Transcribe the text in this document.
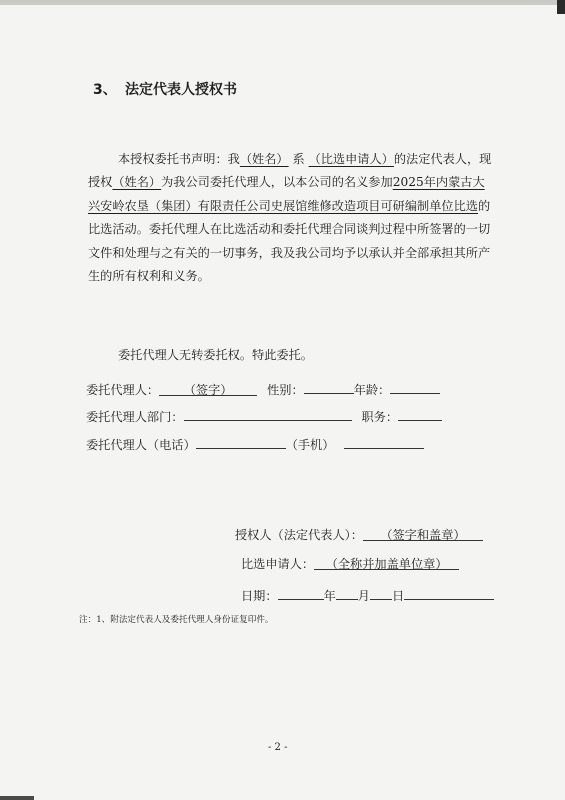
3、 法定代表人授权书
本授权委托书声明：我（姓名） 系 （比选申请人）的法定代表人，现授权（姓名）为我公司委托代理人，以本公司的名义参加2025年内蒙古大兴安岭农垦（集团）有限责任公司史展馆维修改造项目可研编制单位比选的比选活动。委托代理人在比选活动和委托代理合同谈判过程中所签署的一切文件和处理与之有关的一切事务，我及我公司均予以承认并全部承担其所产生的所有权利和义务。
委托代理人无转委托权。特此委托。
委托代理人： （签字）	性别：	年龄：
委托代理人部门：	职务：
委托代理人（电话）	（手机）
授权人（法定代表人）： （签字和盖章）
比选申请人： （全称并加盖单位章）
日期：	年 月 日
注：1、附法定代表人及委托代理人身份证复印件。
- 2 -
